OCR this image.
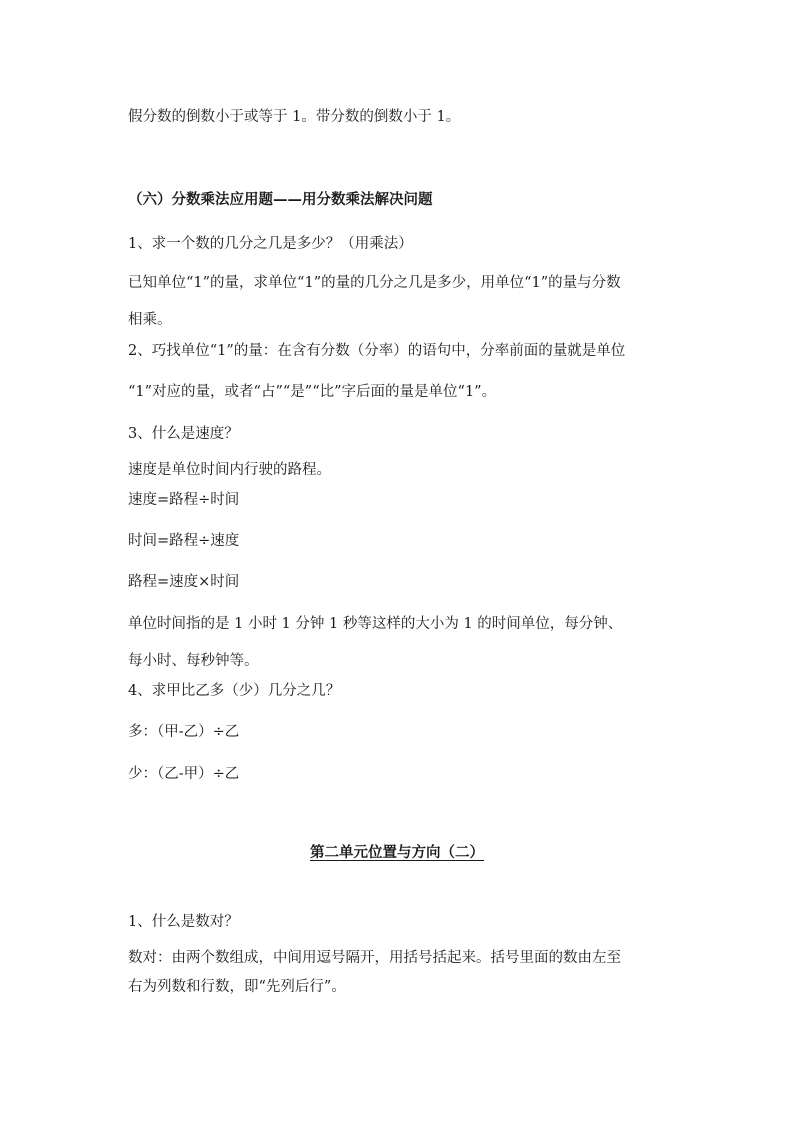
假分数的倒数小于或等于 1。带分数的倒数小于 1。
（六）分数乘法应用题——用分数乘法解决问题
1、求一个数的几分之几是多少？（用乘法）
已知单位“1”的量，求单位“1”的量的几分之几是多少，用单位“1”的量与分数
相乘。
2、巧找单位“1”的量：在含有分数（分率）的语句中，分率前面的量就是单位
“1”对应的量，或者“占”“是”“比”字后面的量是单位“1”。
3、什么是速度？
速度是单位时间内行驶的路程。
速度=路程÷时间
时间=路程÷速度
路程=速度×时间
单位时间指的是 1 小时 1 分钟 1 秒等这样的大小为 1 的时间单位，每分钟、
每小时、每秒钟等。
4、求甲比乙多（少）几分之几？
多：（甲-乙）÷乙
少：（乙-甲）÷乙
第二单元位置与方向（二）
1、什么是数对？
数对：由两个数组成，中间用逗号隔开，用括号括起来。括号里面的数由左至
右为列数和行数，即“先列后行”。
